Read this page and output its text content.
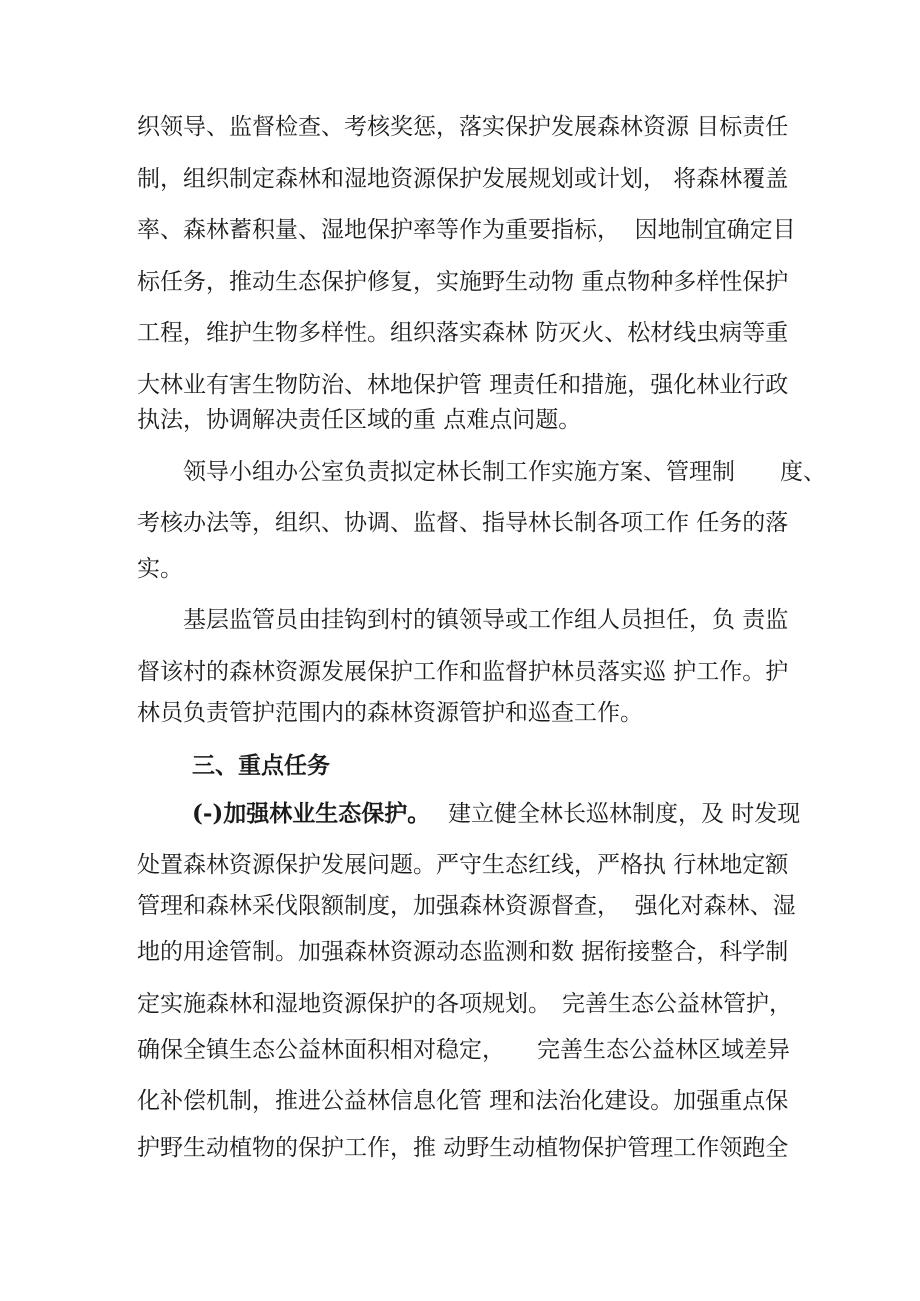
织领导、监督检查、考核奖惩，落实保护发展森林资源 目标责任

制，组织制定森林和湿地资源保护发展规划或计划， 将森林覆盖

率、森林蓄积量、湿地保护率等作为重要指标，  因地制宜确定目

标任务，推动生态保护修复，实施野生动物 重点物种多样性保护

工程，维护生物多样性。组织落实森林 防灭火、松材线虫病等重

大林业有害生物防治、林地保护管 理责任和措施，强化林业行政

执法，协调解决责任区域的重 点难点问题。

领导小组办公室负责拟定林长制工作实施方案、管理制

度、

考核办法等，组织、协调、监督、指导林长制各项工作 任务的落

实。

基层监管员由挂钩到村的镇领导或工作组人员担任，负 责监

督该村的森林资源发展保护工作和监督护林员落实巡 护工作。护

林员负责管护范围内的森林资源管护和巡查工作。

三、重点任务

(-)加强林业生态保护。

建立健全林长巡林制度，及 时发现

处置森林资源保护发展问题。严守生态红线，严格执 行林地定额

管理和森林采伐限额制度，加强森林资源督查，  强化对森林、湿

地的用途管制。加强森林资源动态监测和数 据衔接整合，科学制

定实施森林和湿地资源保护的各项规划。

完善生态公益林管护，

确保全镇生态公益林面积相对稳定，

完善生态公益林区域差异

化补偿机制，推进公益林信息化管 理和法治化建设。加强重点保

护野生动植物的保护工作，推 动野生动植物保护管理工作领跑全
